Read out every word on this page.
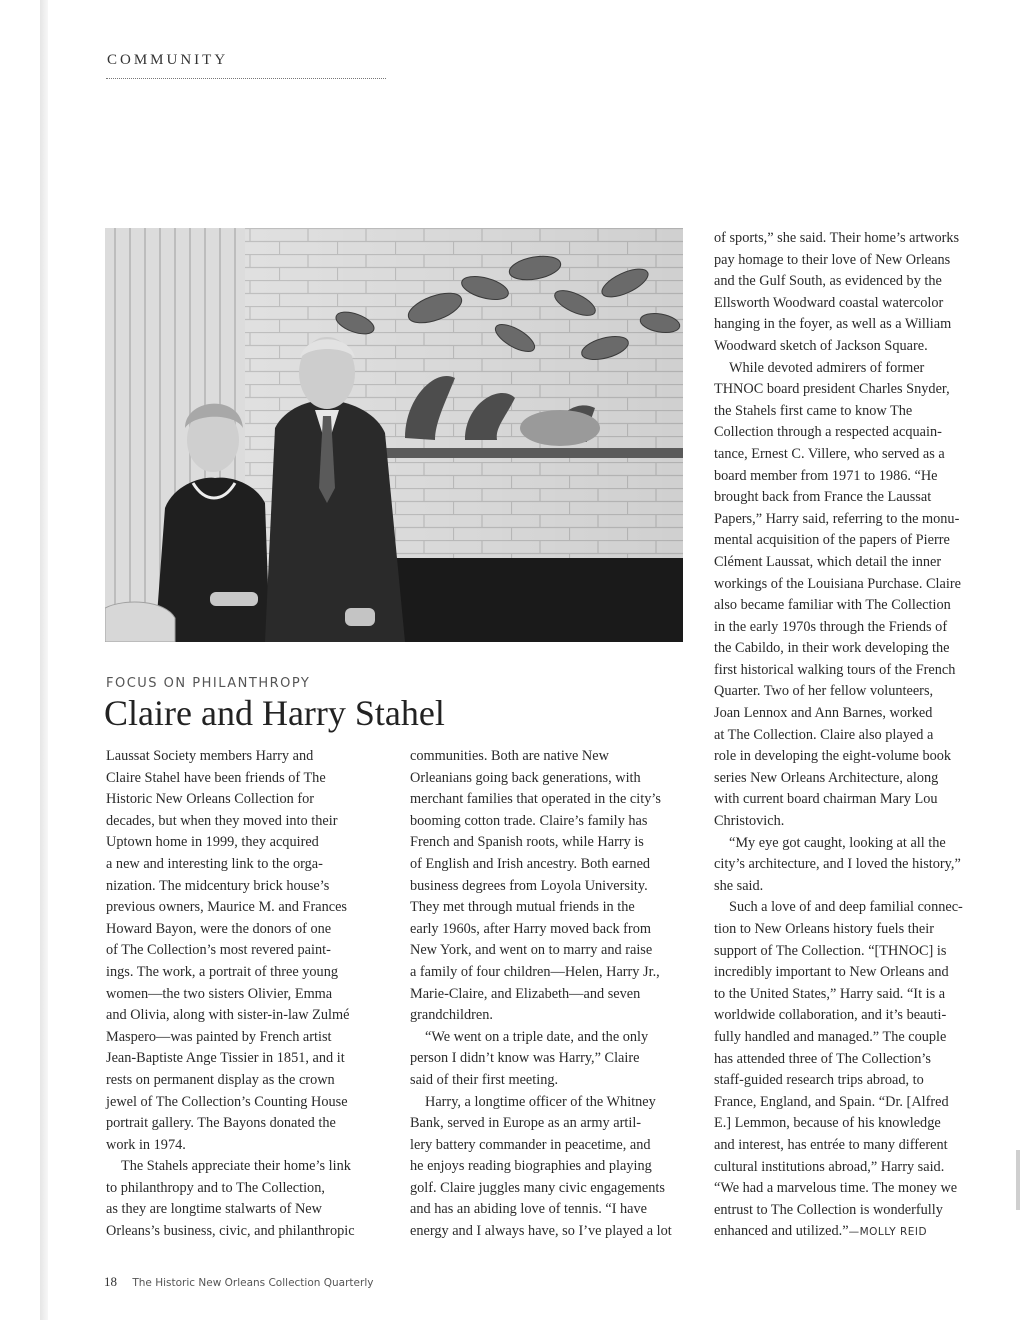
COMMUNITY
FOCUS ON PHILANTHROPY
Claire and Harry Stahel

Laussat Society members Harry and
Claire Stahel have been friends of The
Historic New Orleans Collection for
decades, but when they moved into their
Uptown home in 1999, they acquired
a new and interesting link to the orga-
nization. The midcentury brick house’s
previous owners, Maurice M. and Frances
Howard Bayon, were the donors of one
of The Collection’s most revered paint-
ings. The work, a portrait of three young
women—the two sisters Olivier, Emma
and Olivia, along with sister-in-law Zulmé
Maspero—was painted by French artist
Jean-Baptiste Ange Tissier in 1851, and it
rests on permanent display as the crown
jewel of The Collection’s Counting House
portrait gallery. The Bayons donated the
work in 1974.

The Stahels appreciate their home’s link
to philanthropy and to The Collection,
as they are longtime stalwarts of New
Orleans’s business, civic, and philanthropic

communities. Both are native New
Orleanians going back generations, with
merchant families that operated in the city’s
booming cotton trade. Claire’s family has
French and Spanish roots, while Harry is
of English and Irish ancestry. Both earned
business degrees from Loyola University.
They met through mutual friends in the
early 1960s, after Harry moved back from
New York, and went on to marry and raise
a family of four children—Helen, Harry Jr.,
Marie-Claire, and Elizabeth—and seven
grandchildren.

“We went on a triple date, and the only
person I didn’t know was Harry,” Claire
said of their first meeting.

Harry, a longtime officer of the Whitney
Bank, served in Europe as an army artil-
lery battery commander in peacetime, and
he enjoys reading biographies and playing
golf. Claire juggles many civic engagements
and has an abiding love of tennis. “I have
energy and I always have, so I’ve played a lot

of sports,” she said. Their home’s artworks
pay homage to their love of New Orleans
and the Gulf South, as evidenced by the
Ellsworth Woodward coastal watercolor
hanging in the foyer, as well as a William
Woodward sketch of Jackson Square.

While devoted admirers of former
THNOC board president Charles Snyder,
the Stahels first came to know The
Collection through a respected acquain-
tance, Ernest C. Villere, who served as a
board member from 1971 to 1986. “He
brought back from France the Laussat
Papers,” Harry said, referring to the monu-
mental acquisition of the papers of Pierre
Clément Laussat, which detail the inner
workings of the Louisiana Purchase. Claire
also became familiar with The Collection
in the early 1970s through the Friends of
the Cabildo, in their work developing the
first historical walking tours of the French
Quarter. Two of her fellow volunteers,
Joan Lennox and Ann Barnes, worked
at The Collection. Claire also played a
role in developing the eight-volume book
series New Orleans Architecture, along
with current board chairman Mary Lou
Christovich.

“My eye got caught, looking at all the
city’s architecture, and I loved the history,”
she said.

Such a love of and deep familial connec-
tion to New Orleans history fuels their
support of The Collection. “[THNOC] is
incredibly important to New Orleans and
to the United States,” Harry said. “It is a
worldwide collaboration, and it’s beauti-
fully handled and managed.” The couple
has attended three of The Collection’s
staff-guided research trips abroad, to
France, England, and Spain. “Dr. [Alfred
E.] Lemmon, because of his knowledge
and interest, has entrée to many different
cultural institutions abroad,” Harry said.
“We had a marvelous time. The money we
entrust to The Collection is wonderfully
enhanced and utilized.”—MOLLY REID

18 The Historic New Orleans Collection Quarterly
